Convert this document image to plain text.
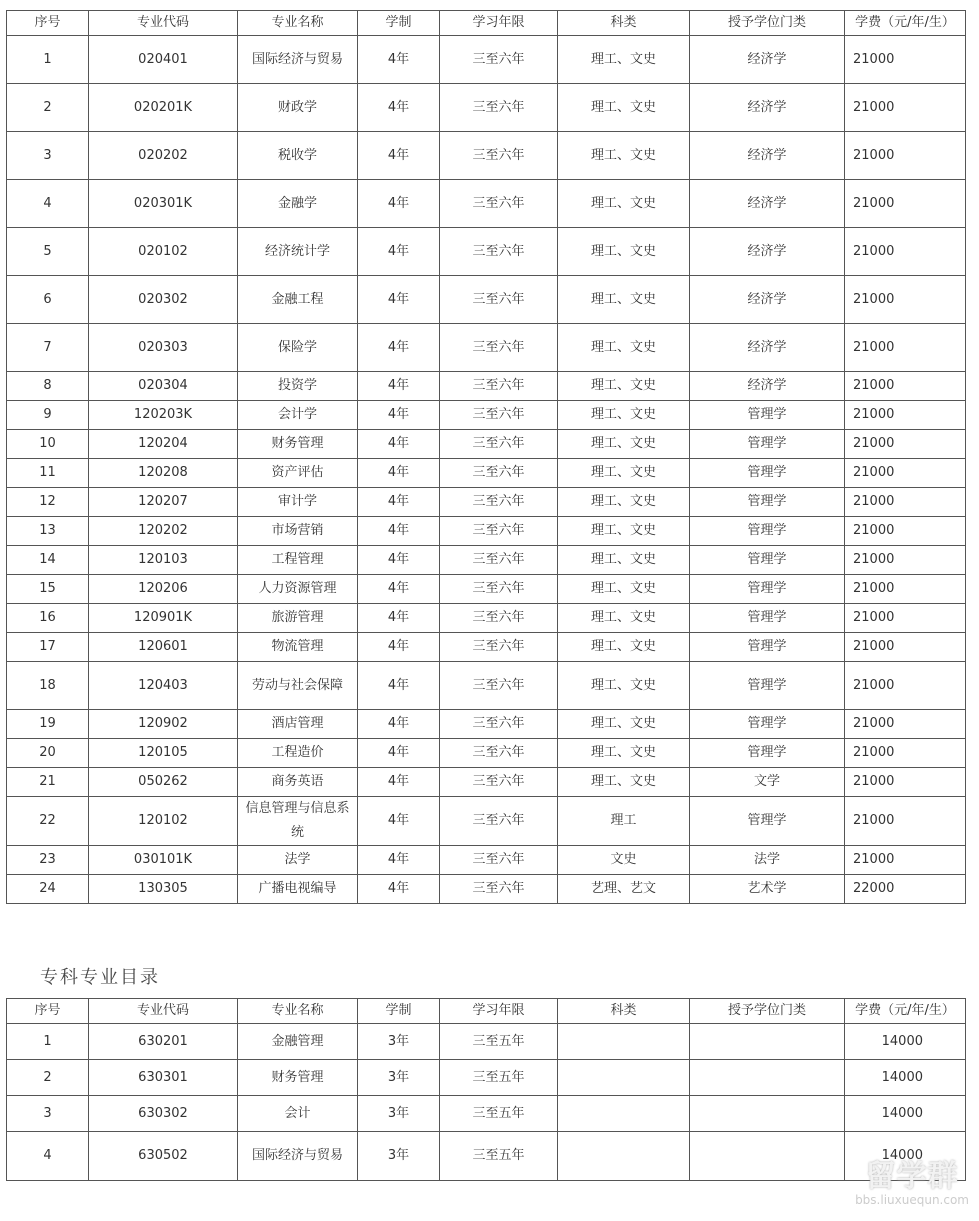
序号	专业代码	专业名称	学制	学习年限	科类	授予学位门类	学费（元/年/生）
1	020401	国际经济与贸易	4年	三至六年	理工、文史	经济学	21000
2	020201K	财政学	4年	三至六年	理工、文史	经济学	21000
3	020202	税收学	4年	三至六年	理工、文史	经济学	21000
4	020301K	金融学	4年	三至六年	理工、文史	经济学	21000
5	020102	经济统计学	4年	三至六年	理工、文史	经济学	21000
6	020302	金融工程	4年	三至六年	理工、文史	经济学	21000
7	020303	保险学	4年	三至六年	理工、文史	经济学	21000
8	020304	投资学	4年	三至六年	理工、文史	经济学	21000
9	120203K	会计学	4年	三至六年	理工、文史	管理学	21000
10	120204	财务管理	4年	三至六年	理工、文史	管理学	21000
11	120208	资产评估	4年	三至六年	理工、文史	管理学	21000
12	120207	审计学	4年	三至六年	理工、文史	管理学	21000
13	120202	市场营销	4年	三至六年	理工、文史	管理学	21000
14	120103	工程管理	4年	三至六年	理工、文史	管理学	21000
15	120206	人力资源管理	4年	三至六年	理工、文史	管理学	21000
16	120901K	旅游管理	4年	三至六年	理工、文史	管理学	21000
17	120601	物流管理	4年	三至六年	理工、文史	管理学	21000
18	120403	劳动与社会保障	4年	三至六年	理工、文史	管理学	21000
19	120902	酒店管理	4年	三至六年	理工、文史	管理学	21000
20	120105	工程造价	4年	三至六年	理工、文史	管理学	21000
21	050262	商务英语	4年	三至六年	理工、文史	文学	21000
22	120102	信息管理与信息系统	4年	三至六年	理工	管理学	21000
23	030101K	法学	4年	三至六年	文史	法学	21000
24	130305	广播电视编导	4年	三至六年	艺理、艺文	艺术学	22000
专科专业目录
序号	专业代码	专业名称	学制	学习年限	科类	授予学位门类	学费（元/年/生）
1	630201	金融管理	3年	三至五年			14000
2	630301	财务管理	3年	三至五年			14000
3	630302	会计	3年	三至五年			14000
4	630502	国际经济与贸易	3年	三至五年			14000
留学群
bbs.liuxuequn.com
